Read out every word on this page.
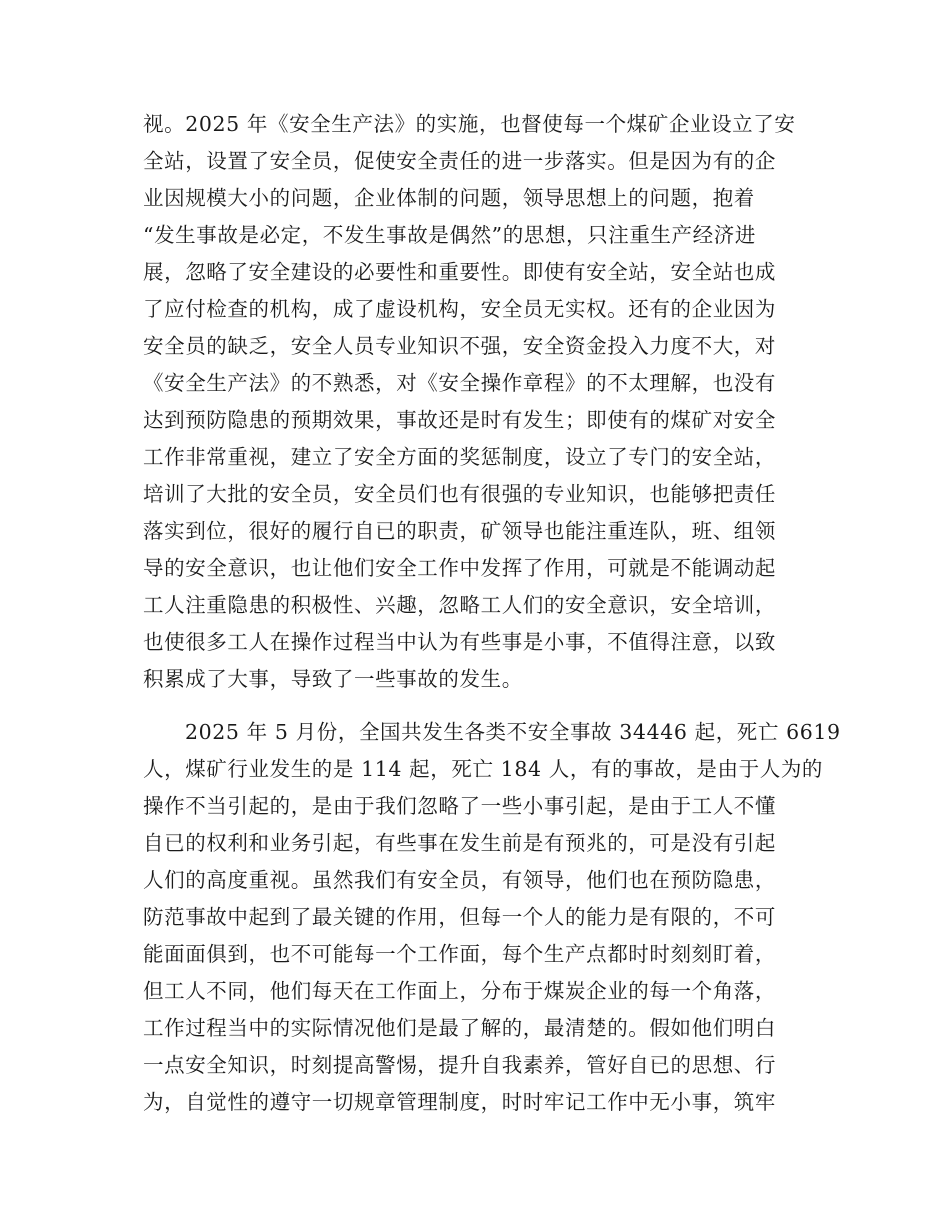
视。2025 年《安全生产法》的实施，也督使每一个煤矿企业设立了安
全站，设置了安全员，促使安全责任的进一步落实。但是因为有的企
业因规模大小的问题，企业体制的问题，领导思想上的问题，抱着
“发生事故是必定，不发生事故是偶然”的思想，只注重生产经济进
展，忽略了安全建设的必要性和重要性。即使有安全站，安全站也成
了应付检查的机构，成了虚设机构，安全员无实权。还有的企业因为
安全员的缺乏，安全人员专业知识不强，安全资金投入力度不大，对
《安全生产法》的不熟悉，对《安全操作章程》的不太理解，也没有
达到预防隐患的预期效果，事故还是时有发生；即使有的煤矿对安全
工作非常重视，建立了安全方面的奖惩制度，设立了专门的安全站，
培训了大批的安全员，安全员们也有很强的专业知识，也能够把责任
落实到位，很好的履行自已的职责，矿领导也能注重连队，班、组领
导的安全意识，也让他们安全工作中发挥了作用，可就是不能调动起
工人注重隐患的积极性、兴趣，忽略工人们的安全意识，安全培训，
也使很多工人在操作过程当中认为有些事是小事，不值得注意，以致
积累成了大事，导致了一些事故的发生。
2025 年 5 月份，全国共发生各类不安全事故 34446 起，死亡 6619
人，煤矿行业发生的是 114 起，死亡 184 人，有的事故，是由于人为的
操作不当引起的，是由于我们忽略了一些小事引起，是由于工人不懂
自已的权利和业务引起，有些事在发生前是有预兆的，可是没有引起
人们的高度重视。虽然我们有安全员，有领导，他们也在预防隐患，
防范事故中起到了最关键的作用，但每一个人的能力是有限的，不可
能面面俱到，也不可能每一个工作面，每个生产点都时时刻刻盯着，
但工人不同，他们每天在工作面上，分布于煤炭企业的每一个角落，
工作过程当中的实际情况他们是最了解的，最清楚的。假如他们明白
一点安全知识，时刻提高警惕，提升自我素养，管好自已的思想、行
为，自觉性的遵守一切规章管理制度，时时牢记工作中无小事，筑牢
